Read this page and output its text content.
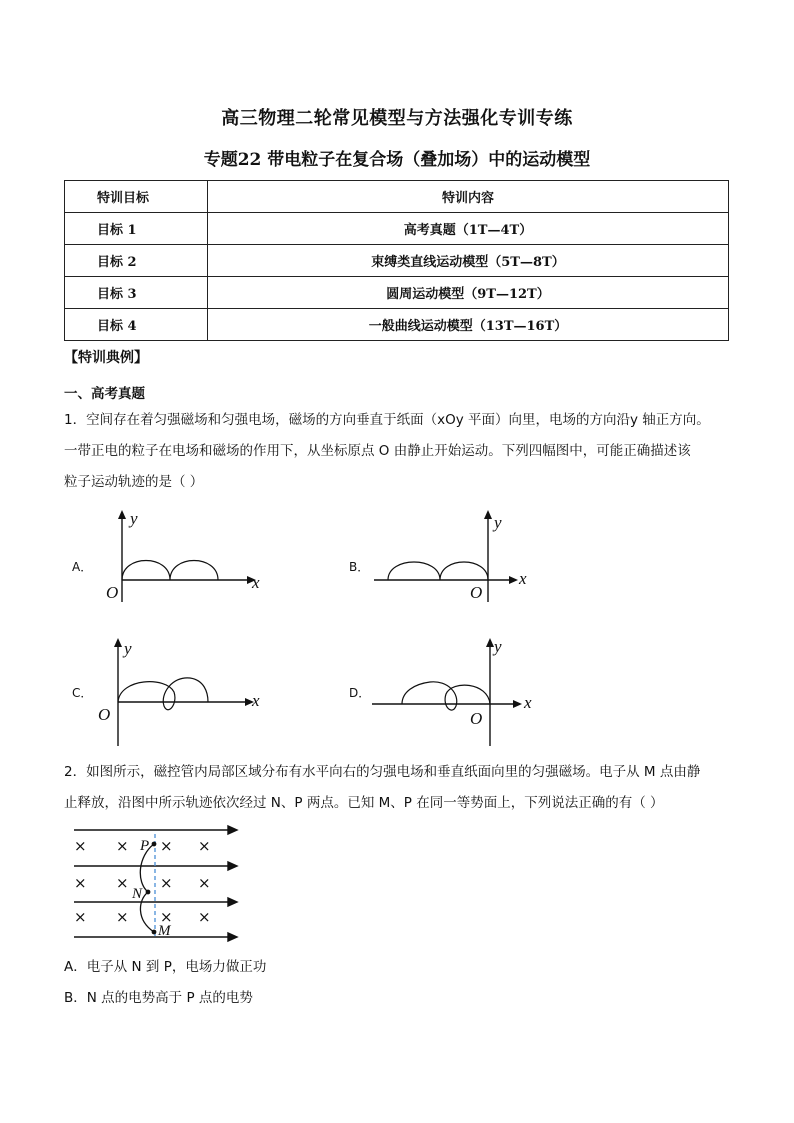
高三物理二轮常见模型与方法强化专训专练
专题22 带电粒子在复合场（叠加场）中的运动模型
特训目标	特训内容
目标 1	高考真题（1T—4T）
目标 2	束缚类直线运动模型（5T—8T）
目标 3	圆周运动模型（9T—12T）
目标 4	一般曲线运动模型（13T—16T）
【特训典例】
一、高考真题
1．空间存在着匀强磁场和匀强电场，磁场的方向垂直于纸面（xOy 平面）向里，电场的方向沿y 轴正方向。
一带正电的粒子在电场和磁场的作用下，从坐标原点 O 由静止开始运动。下列四幅图中，可能正确描述该
粒子运动轨迹的是（ ）
A．	B．
C．	D．
y
x
O
y
x
O
y
x
O
y
x
O
2．如图所示，磁控管内局部区域分布有水平向右的匀强电场和垂直纸面向里的匀强磁场。电子从 M 点由静
止释放，沿图中所示轨迹依次经过 N、P 两点。已知 M、P 在同一等势面上，下列说法正确的有（ ）
× × × ×
× × × ×
× × × ×
P
N
M
A．电子从 N 到 P，电场力做正功
B．N 点的电势高于 P 点的电势
